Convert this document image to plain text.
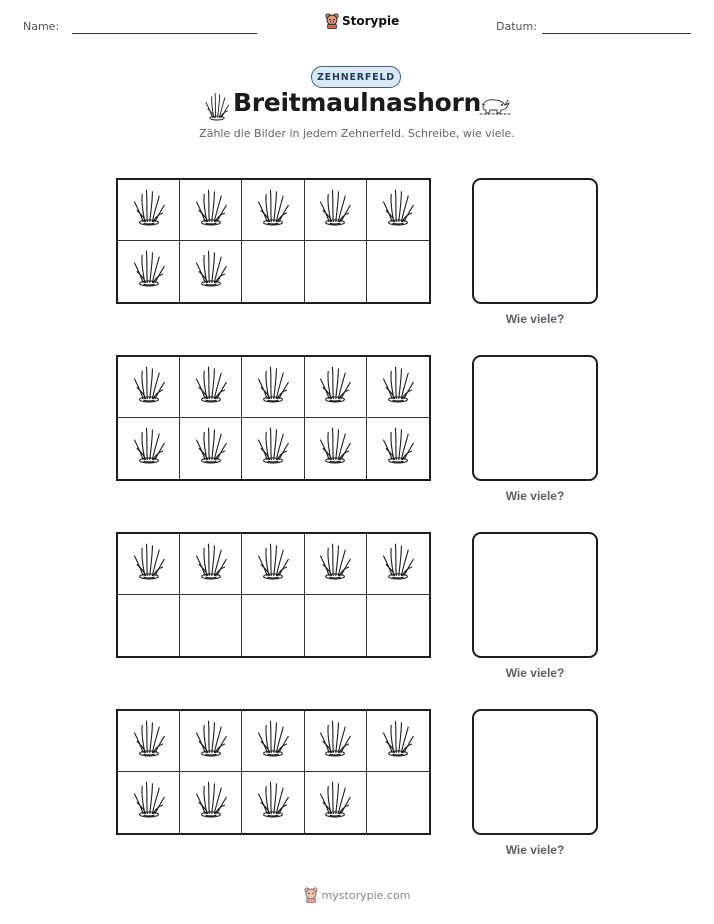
Name:	Storypie	Datum:
ZEHNERFELD
Breitmaulnashorn
Zähle die Bilder in jedem Zehnerfeld. Schreibe, wie viele.
Wie viele?
Wie viele?
Wie viele?
Wie viele?
mystorypie.com
